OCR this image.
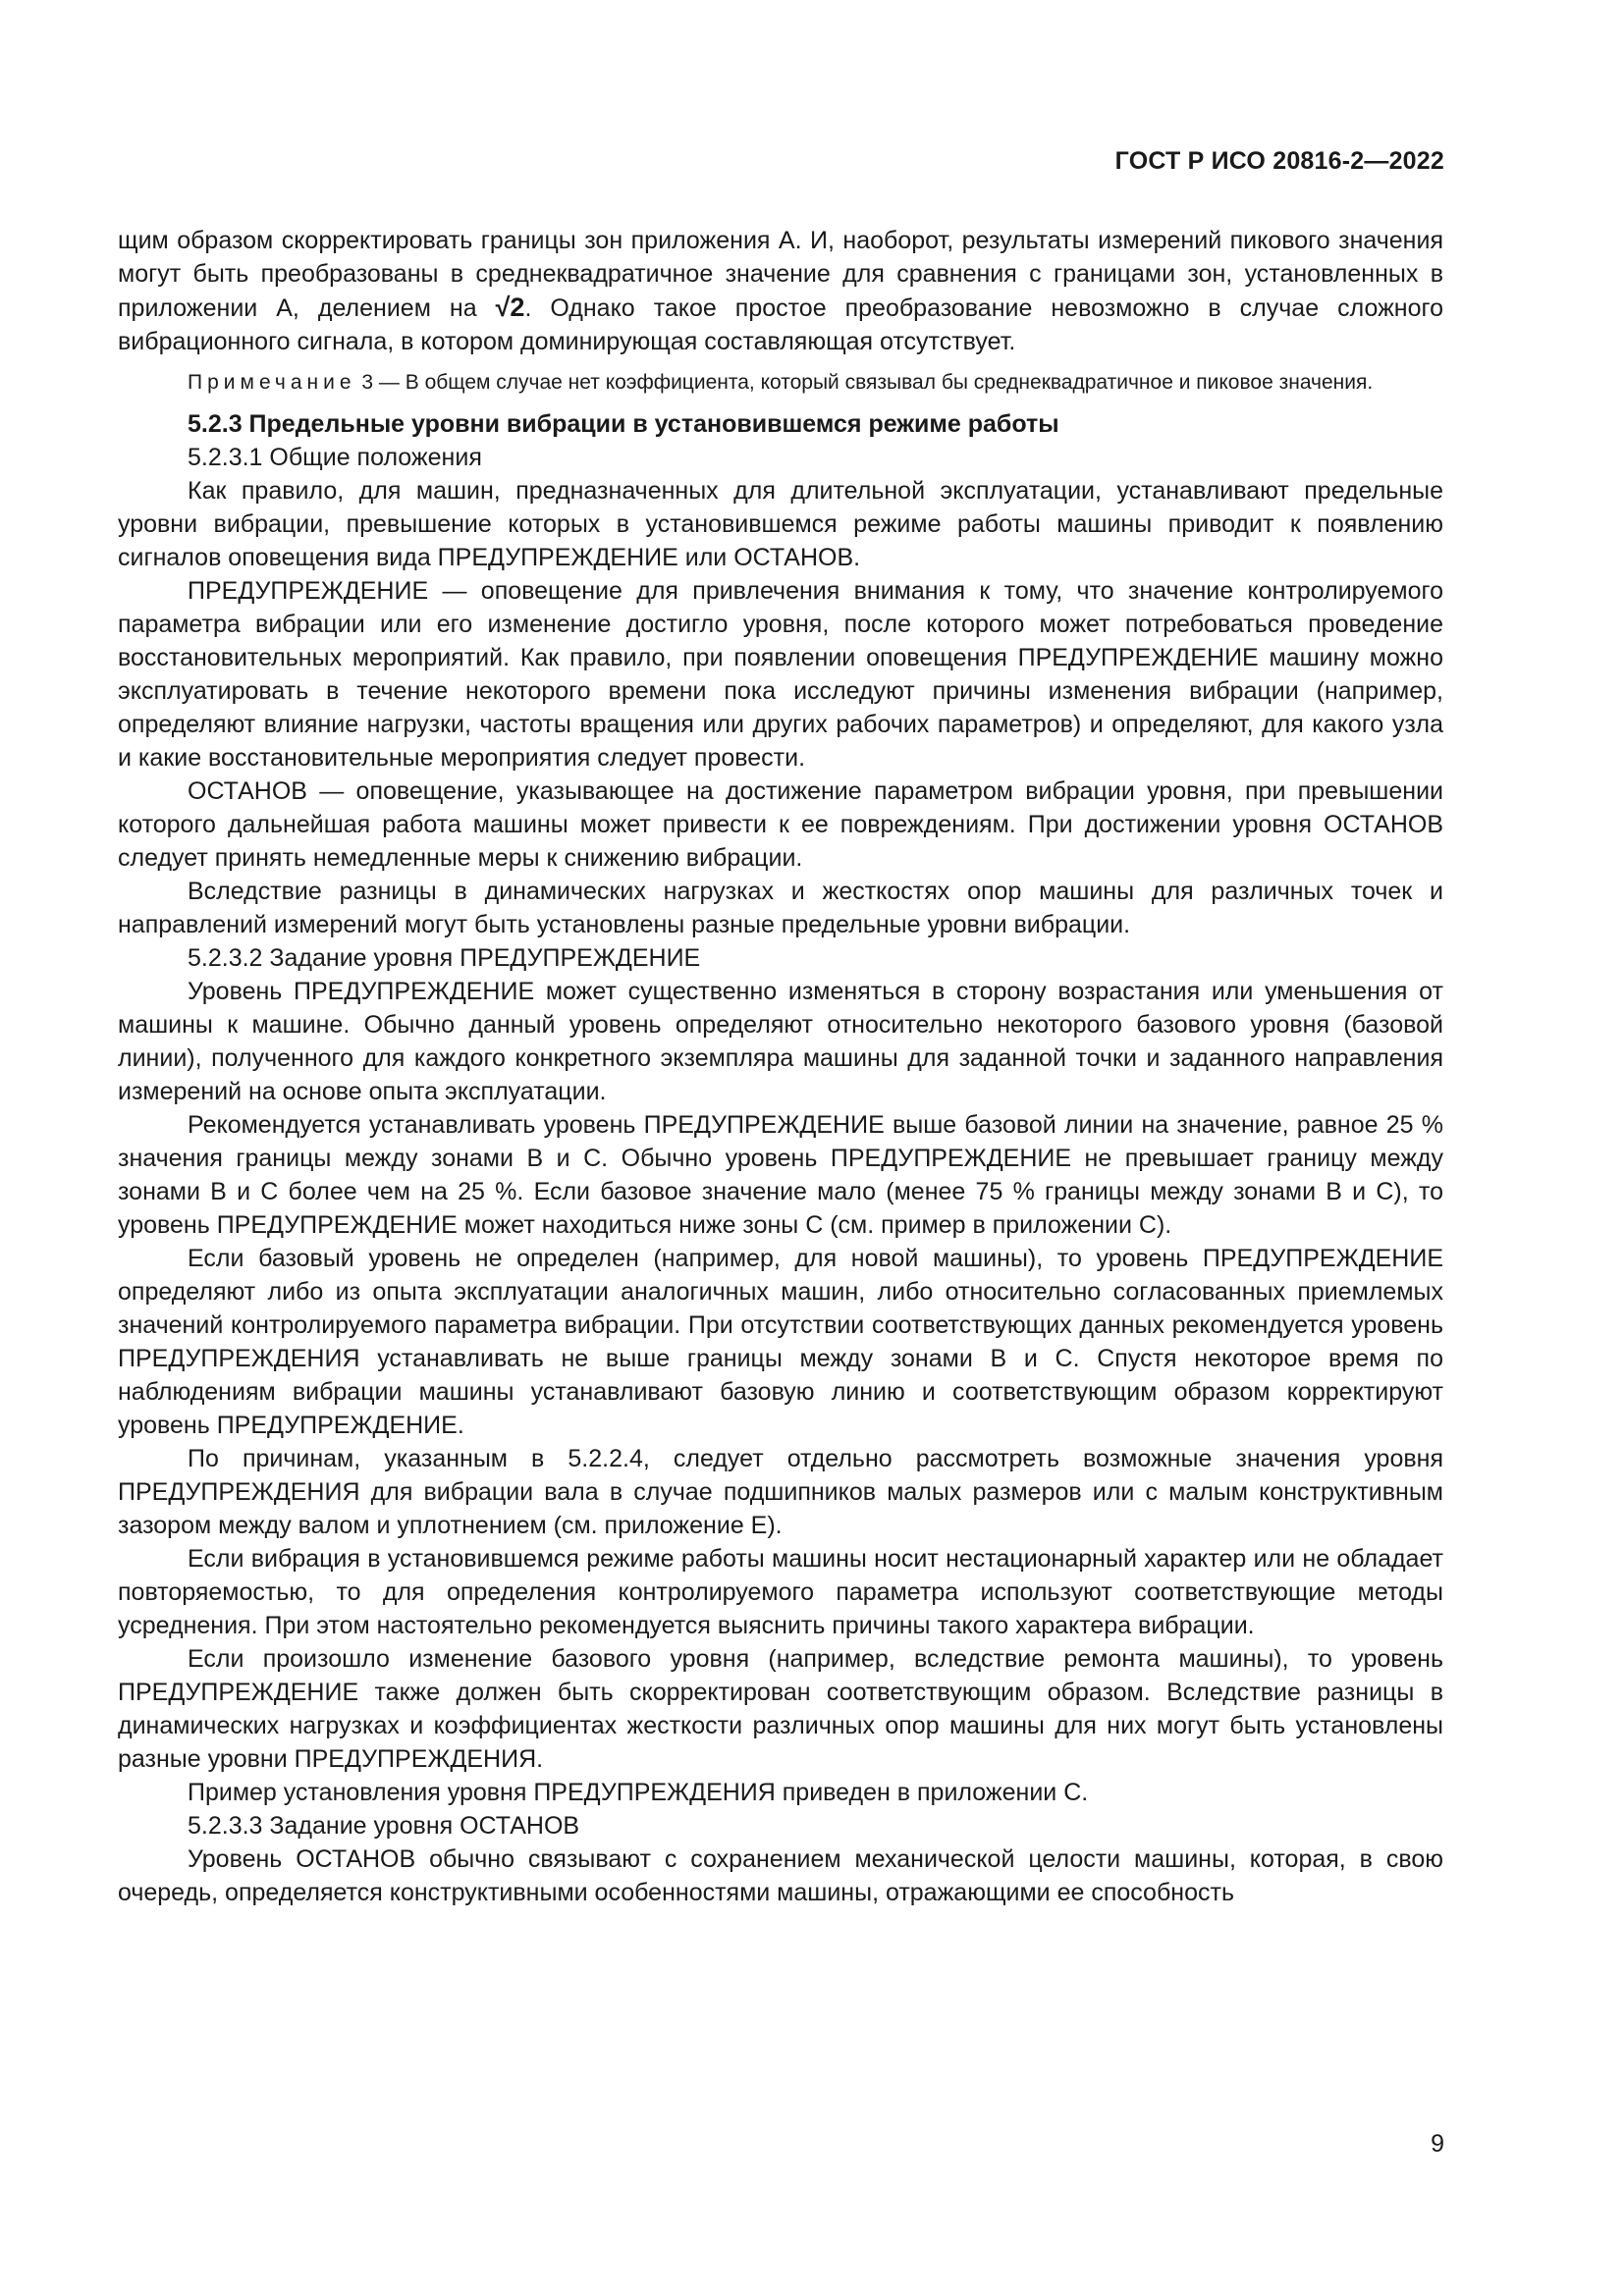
ГОСТ Р ИСО 20816-2—2022

щим образом скорректировать границы зон приложения А. И, наоборот, результаты измерений пикового значения могут быть преобразованы в среднеквадратичное значение для сравнения с границами зон, установленных в приложении А, делением на √2. Однако такое простое преобразование невозможно в случае сложного вибрационного сигнала, в котором доминирующая составляющая отсутствует.

Примечание 3 — В общем случае нет коэффициента, который связывал бы среднеквадратичное и пиковое значения.

5.2.3 Предельные уровни вибрации в установившемся режиме работы

5.2.3.1 Общие положения

Как правило, для машин, предназначенных для длительной эксплуатации, устанавливают предельные уровни вибрации, превышение которых в установившемся режиме работы машины приводит к появлению сигналов оповещения вида ПРЕДУПРЕЖДЕНИЕ или ОСТАНОВ.

ПРЕДУПРЕЖДЕНИЕ — оповещение для привлечения внимания к тому, что значение контролируемого параметра вибрации или его изменение достигло уровня, после которого может потребоваться проведение восстановительных мероприятий. Как правило, при появлении оповещения ПРЕДУПРЕЖДЕНИЕ машину можно эксплуатировать в течение некоторого времени пока исследуют причины изменения вибрации (например, определяют влияние нагрузки, частоты вращения или других рабочих параметров) и определяют, для какого узла и какие восстановительные мероприятия следует провести.

ОСТАНОВ — оповещение, указывающее на достижение параметром вибрации уровня, при превышении которого дальнейшая работа машины может привести к ее повреждениям. При достижении уровня ОСТАНОВ следует принять немедленные меры к снижению вибрации.

Вследствие разницы в динамических нагрузках и жесткостях опор машины для различных точек и направлений измерений могут быть установлены разные предельные уровни вибрации.

5.2.3.2 Задание уровня ПРЕДУПРЕЖДЕНИЕ

Уровень ПРЕДУПРЕЖДЕНИЕ может существенно изменяться в сторону возрастания или уменьшения от машины к машине. Обычно данный уровень определяют относительно некоторого базового уровня (базовой линии), полученного для каждого конкретного экземпляра машины для заданной точки и заданного направления измерений на основе опыта эксплуатации.

Рекомендуется устанавливать уровень ПРЕДУПРЕЖДЕНИЕ выше базовой линии на значение, равное 25 % значения границы между зонами В и С. Обычно уровень ПРЕДУПРЕЖДЕНИЕ не превышает границу между зонами В и С более чем на 25 %. Если базовое значение мало (менее 75 % границы между зонами В и С), то уровень ПРЕДУПРЕЖДЕНИЕ может находиться ниже зоны С (см. пример в приложении С).

Если базовый уровень не определен (например, для новой машины), то уровень ПРЕДУПРЕЖДЕНИЕ определяют либо из опыта эксплуатации аналогичных машин, либо относительно согласованных приемлемых значений контролируемого параметра вибрации. При отсутствии соответствующих данных рекомендуется уровень ПРЕДУПРЕЖДЕНИЯ устанавливать не выше границы между зонами В и С. Спустя некоторое время по наблюдениям вибрации машины устанавливают базовую линию и соответствующим образом корректируют уровень ПРЕДУПРЕЖДЕНИЕ.

По причинам, указанным в 5.2.2.4, следует отдельно рассмотреть возможные значения уровня ПРЕДУПРЕЖДЕНИЯ для вибрации вала в случае подшипников малых размеров или с малым конструктивным зазором между валом и уплотнением (см. приложение Е).

Если вибрация в установившемся режиме работы машины носит нестационарный характер или не обладает повторяемостью, то для определения контролируемого параметра используют соответствующие методы усреднения. При этом настоятельно рекомендуется выяснить причины такого характера вибрации.

Если произошло изменение базового уровня (например, вследствие ремонта машины), то уровень ПРЕДУПРЕЖДЕНИЕ также должен быть скорректирован соответствующим образом. Вследствие разницы в динамических нагрузках и коэффициентах жесткости различных опор машины для них могут быть установлены разные уровни ПРЕДУПРЕЖДЕНИЯ.

Пример установления уровня ПРЕДУПРЕЖДЕНИЯ приведен в приложении С.

5.2.3.3 Задание уровня ОСТАНОВ

Уровень ОСТАНОВ обычно связывают с сохранением механической целости машины, которая, в свою очередь, определяется конструктивными особенностями машины, отражающими ее способность

9
